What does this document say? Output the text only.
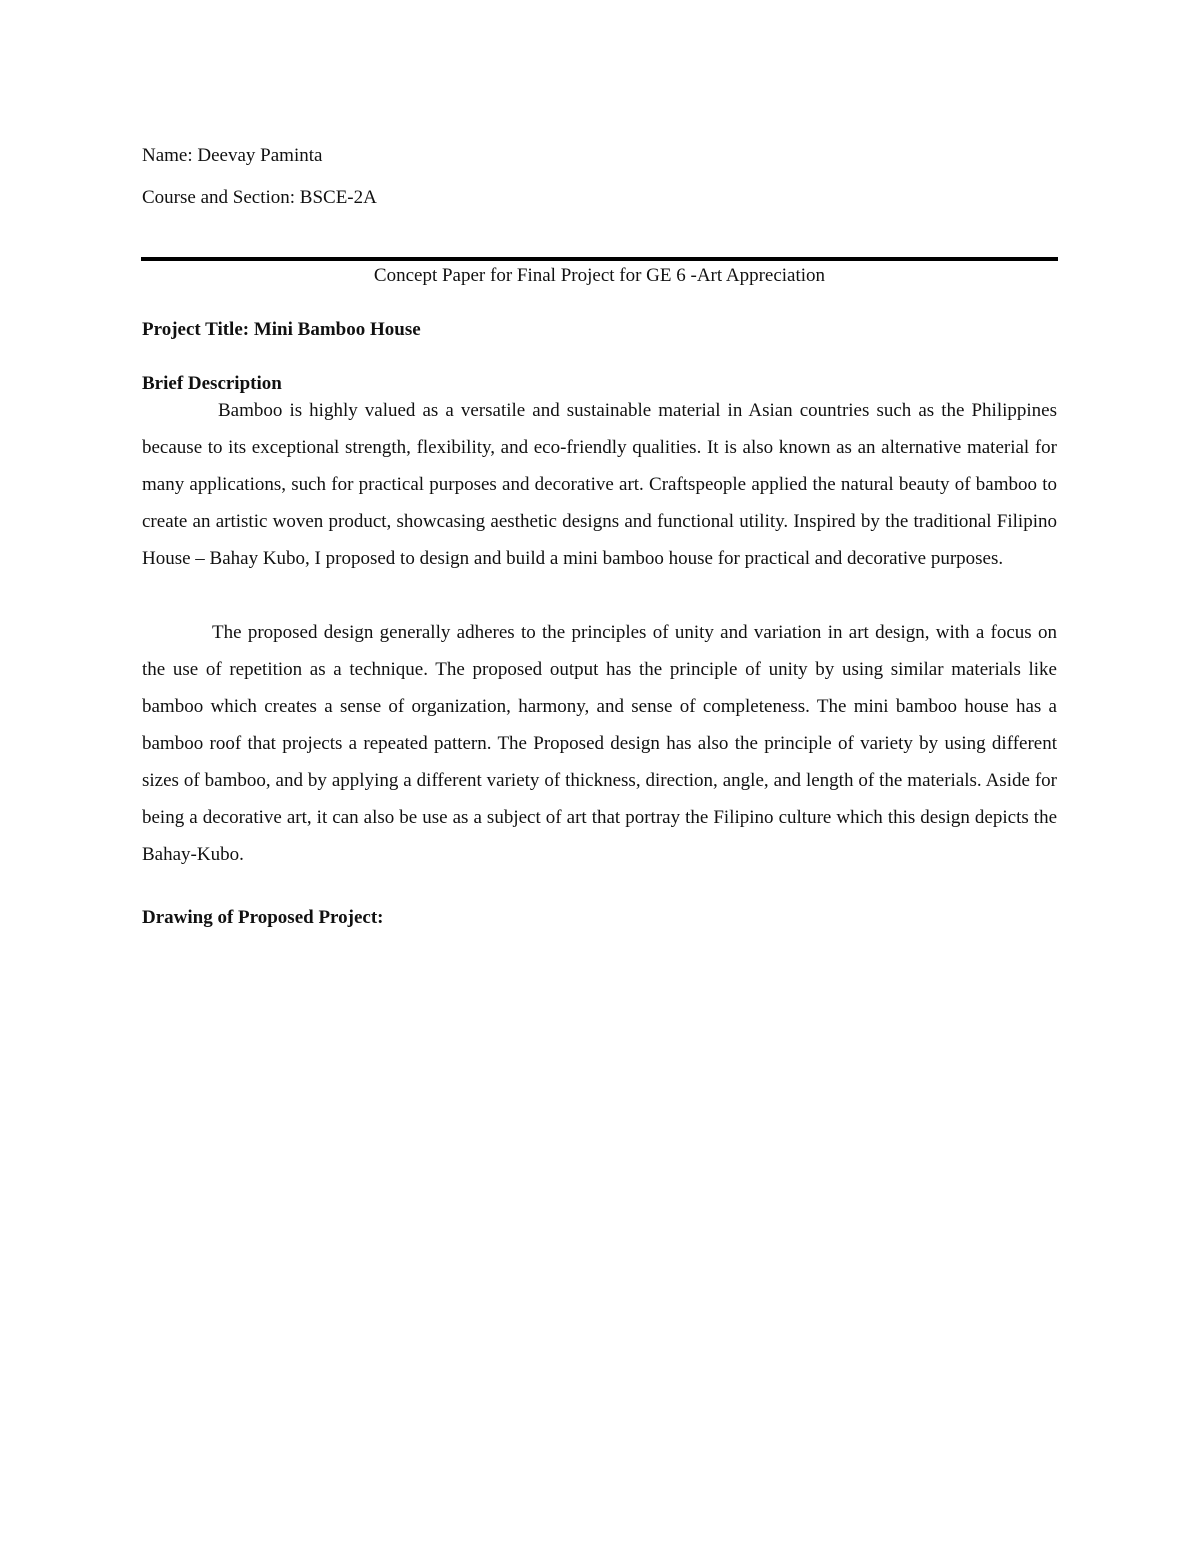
Name: Deevay Paminta
Course and Section: BSCE-2A
Concept Paper for Final Project for GE 6 -Art Appreciation
Project Title: Mini Bamboo House
Brief Description

Bamboo is highly valued as a versatile and sustainable material in Asian countries such as the Philippines because to its exceptional strength, flexibility, and eco-friendly qualities. It is also known as an alternative material for many applications, such for practical purposes and decorative art. Craftspeople applied the natural beauty of bamboo to create an artistic woven product, showcasing aesthetic designs and functional utility. Inspired by the traditional Filipino House – Bahay Kubo, I proposed to design and build a mini bamboo house for practical and decorative purposes.

The proposed design generally adheres to the principles of unity and variation in art design, with a focus on the use of repetition as a technique. The proposed output has the principle of unity by using similar materials like bamboo which creates a sense of organization, harmony, and sense of completeness. The mini bamboo house has a bamboo roof that projects a repeated pattern. The Proposed design has also the principle of variety by using different sizes of bamboo, and by applying a different variety of thickness, direction, angle, and length of the materials. Aside for being a decorative art, it can also be use as a subject of art that portray the Filipino culture which this design depicts the Bahay-Kubo.

Drawing of Proposed Project:
